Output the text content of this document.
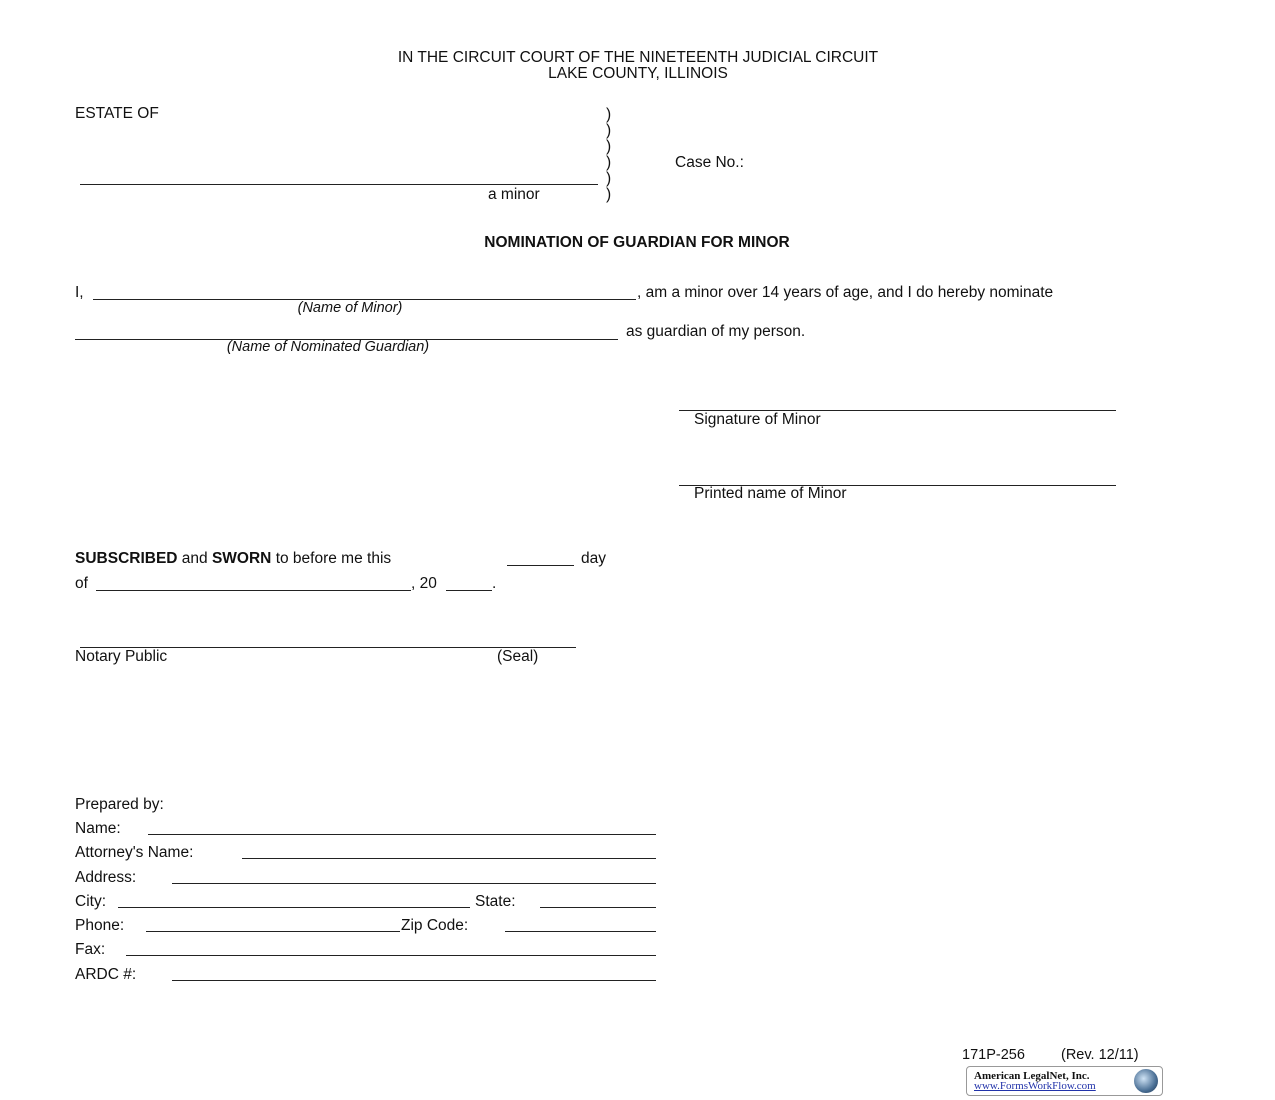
IN THE CIRCUIT COURT OF THE NINETEENTH JUDICIAL CIRCUIT
LAKE COUNTY, ILLINOIS
ESTATE OF	)
)
)
)
)
)
Case No.:
a minor
NOMINATION OF GUARDIAN FOR MINOR
I,	, am a minor over 14 years of age, and I do hereby nominate
(Name of Minor)
as guardian of my person.
(Name of Nominated Guardian)
Signature of Minor
Printed name of Minor
SUBSCRIBED and SWORN to before me this	day
of	, 20	.
Notary Public	(Seal)
Prepared by:
Name:
Attorney's Name:
Address:
City:	State:
Phone:	Zip Code:
Fax:
ARDC #:
171P-256 (Rev. 12/11)
American LegalNet, Inc.
www.FormsWorkFlow.com
